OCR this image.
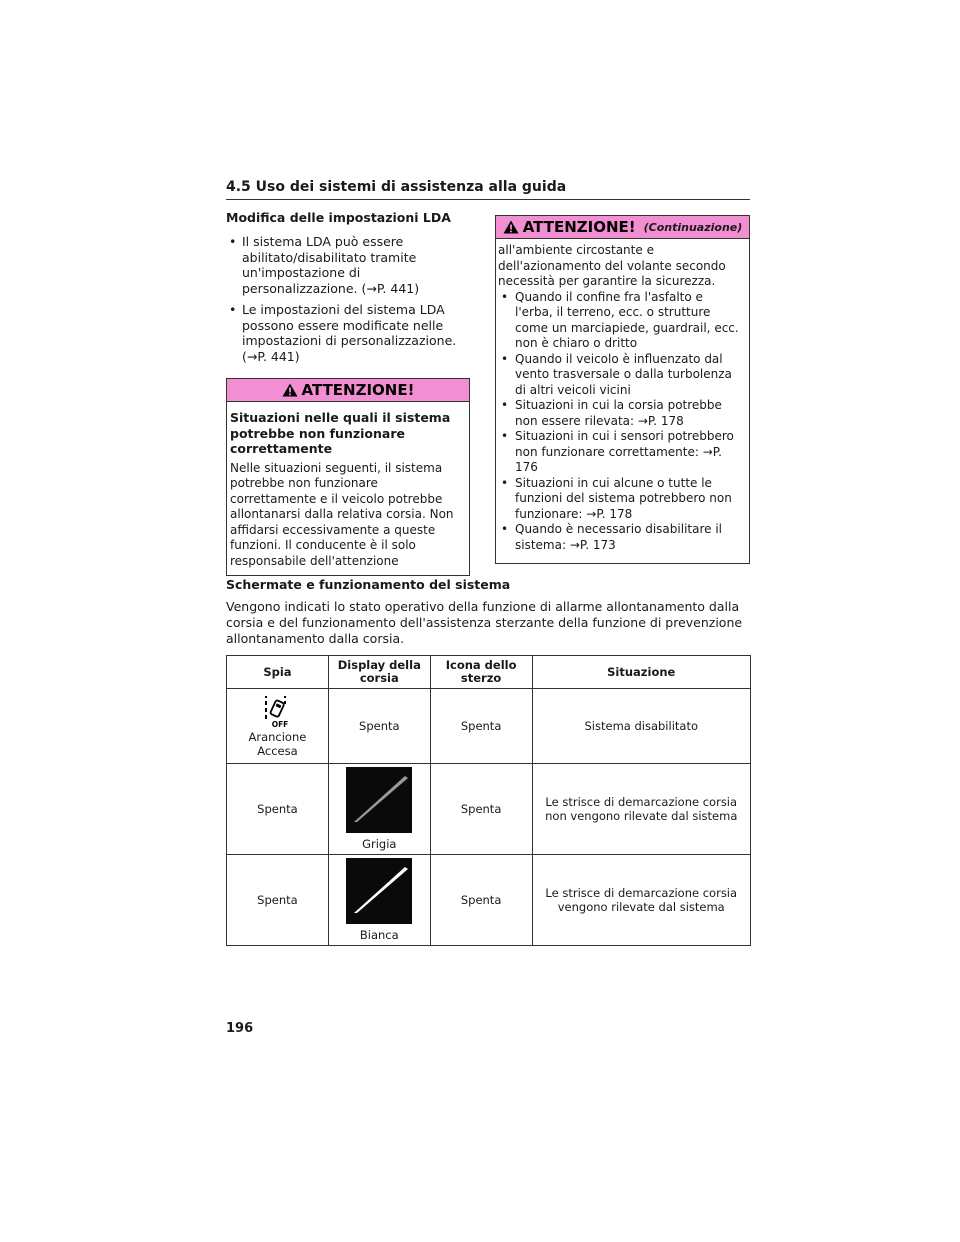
4.5 Uso dei sistemi di assistenza alla guida
Modifica delle impostazioni LDA
• Il sistema LDA può essere abilitato/disabilitato tramite un'impostazione di personalizzazione. (→P. 441)
• Le impostazioni del sistema LDA possono essere modificate nelle impostazioni di personalizzazione. (→P. 441)
ATTENZIONE!
Situazioni nelle quali il sistema potrebbe non funzionare correttamente

Nelle situazioni seguenti, il sistema potrebbe non funzionare correttamente e il veicolo potrebbe allontanarsi dalla relativa corsia. Non affidarsi eccessivamente a queste funzioni. Il conducente è il solo responsabile dell'attenzione

ATTENZIONE! (Continuazione)

all'ambiente circostante e dell'azionamento del volante secondo necessità per garantire la sicurezza.

• Quando il confine fra l'asfalto e l'erba, il terreno, ecc. o strutture come un marciapiede, guardrail, ecc. non è chiaro o dritto
• Quando il veicolo è influenzato dal vento trasversale o dalla turbolenza di altri veicoli vicini
• Situazioni in cui la corsia potrebbe non essere rilevata: →P. 178
• Situazioni in cui i sensori potrebbero non funzionare correttamente: →P. 176
• Situazioni in cui alcune o tutte le funzioni del sistema potrebbero non funzionare: →P. 178
• Quando è necessario disabilitare il sistema: →P. 173
Schermate e funzionamento del sistema

Vengono indicati lo stato operativo della funzione di allarme allontanamento dalla corsia e del funzionamento dell'assistenza sterzante della funzione di prevenzione allontanamento dalla corsia.

Spia	Display della corsia	Icona dello sterzo	Situazione

OFF
Arancione Accesa	Spenta	Spenta	Sistema disabilitato
Spenta	Grigia	Spenta	Le strisce di demarcazione corsia non vengono rilevate dal sistema
Spenta	Bianca	Spenta	Le strisce di demarcazione corsia vengono rilevate dal sistema
196
